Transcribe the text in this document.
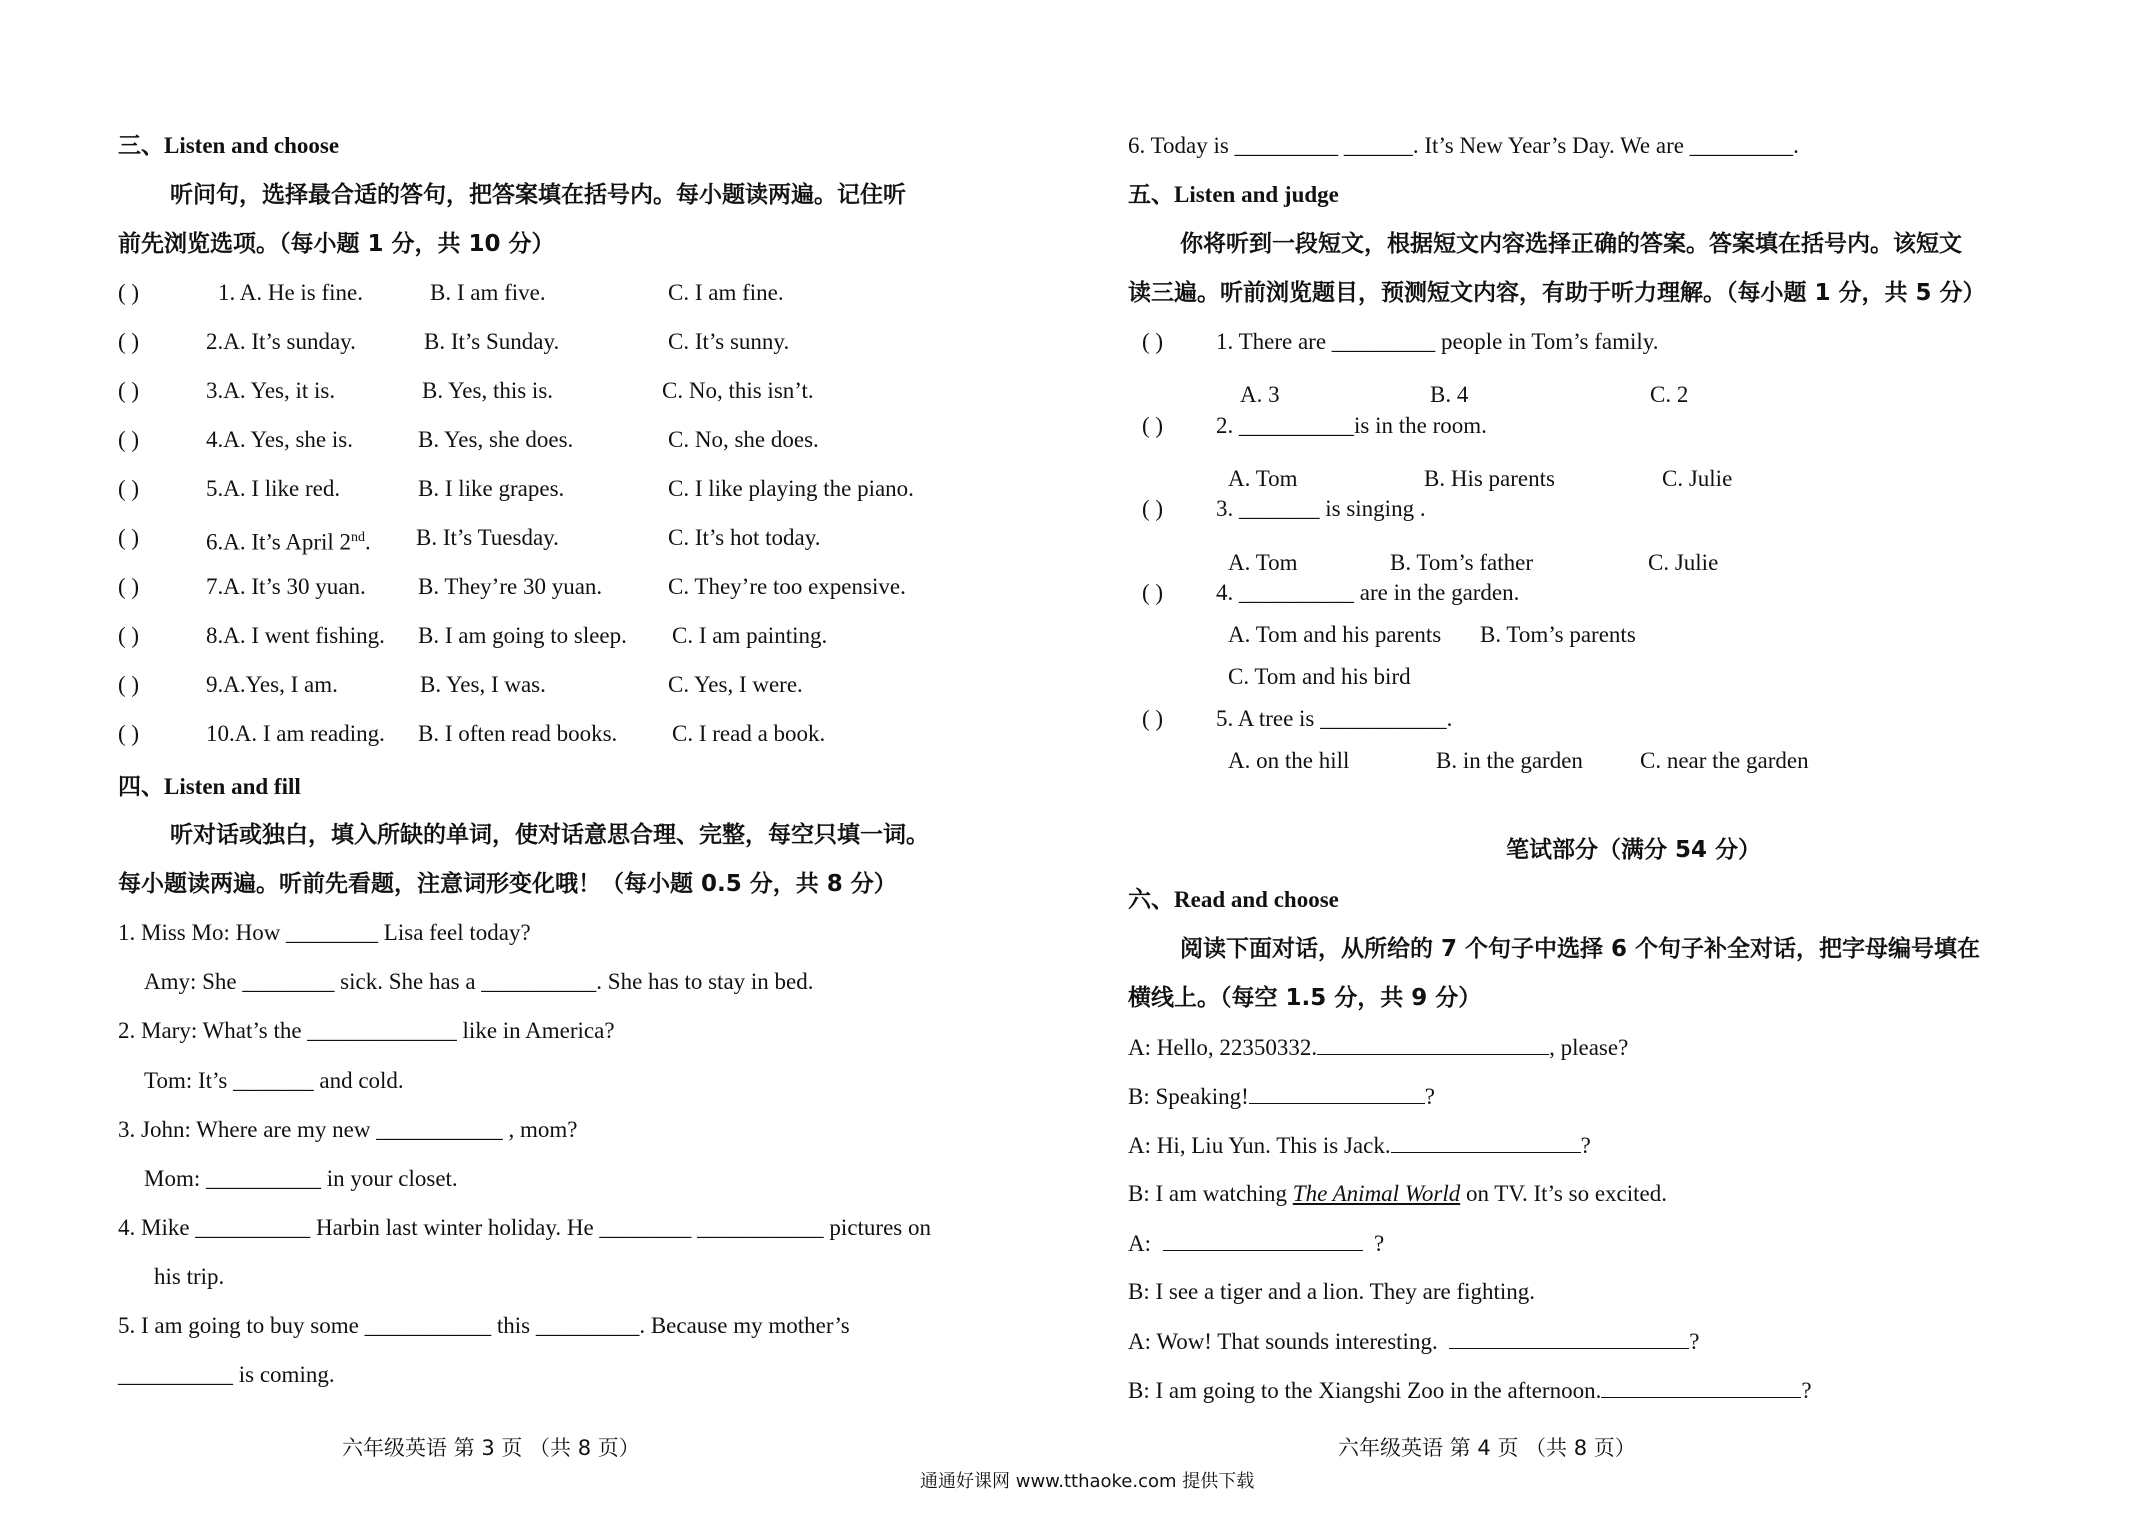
三、Listen and choose
听问句，选择最合适的答句，把答案填在括号内。每小题读两遍。记住听
前先浏览选项。（每小题 1 分，共 10 分）
( )	1. A. He is fine.	B. I am five.	C. I am fine.
( )	2.A. It’s sunday.	B. It’s Sunday.	C. It’s sunny.
( )	3.A. Yes, it is.	B. Yes, this is.	C. No, this isn’t.
( )	4.A. Yes, she is.	B. Yes, she does.	C. No, she does.
( )	5.A. I like red.	B. I like grapes.	C. I like playing the piano.
( )	6.A. It’s April 2nd. B. It’s Tuesday.	C. It’s hot today.
( )	7.A. It’s 30 yuan. B. They’re 30 yuan.	C. They’re too expensive.
( )	8.A. I went fishing. B. I am going to sleep. C. I am painting.
( )	9.A.Yes, I am.	B. Yes, I was.	C. Yes, I were.
( )	10.A. I am reading. B. I often read books. C. I read a book.
四、Listen and fill
听对话或独白，填入所缺的单词，使对话意思合理、完整，每空只填一词。
每小题读两遍。听前先看题，注意词形变化哦！（每小题 0.5 分，共 8 分）
1. Miss Mo: How ________ Lisa feel today?
Amy: She ________ sick. She has a __________. She has to stay in bed.
2. Mary: What’s the _____________ like in America?
Tom: It’s _______ and cold.
3. John: Where are my new ___________ , mom?
Mom: __________ in your closet.
4. Mike __________ Harbin last winter holiday. He ________ ___________ pictures on
his trip.
5. I am going to buy some ___________ this _________. Because my mother’s
__________ is coming.
六年级英语 第 3 页 （共 8 页）
6. Today is _________ ______. It’s New Year’s Day. We are _________.
五、Listen and judge
你将听到一段短文，根据短文内容选择正确的答案。答案填在括号内。该短文
读三遍。听前浏览题目，预测短文内容，有助于听力理解。（每小题 1 分，共 5 分）
( ) 1. There are _________ people in Tom’s family.
A. 3	B. 4	C. 2
( ) 2. __________is in the room.
A. Tom	B. His parents	C. Julie
( ) 3. _______ is singing .
A. Tom	B. Tom’s father	C. Julie
( ) 4. __________ are in the garden.
A. Tom and his parents B. Tom’s parents
C. Tom and his bird
( ) 5. A tree is ___________.
A. on the hill	B. in the garden C. near the garden
笔试部分（满分 54 分）
六、Read and choose
阅读下面对话，从所给的 7 个句子中选择 6 个句子补全对话，把字母编号填在
横线上。（每空 1.5 分，共 9 分）
A: Hello, 22350332.	, please?
B: Speaking!	?
A: Hi, Liu Yun. This is Jack.	?
B: I am watching The Animal World on TV. It’s so excited.
A:	?
B: I see a tiger and a lion. They are fighting.
A: Wow! That sounds interesting.	?
B: I am going to the Xiangshi Zoo in the afternoon.	?
六年级英语 第 4 页 （共 8 页）
通通好课网 www.tthaoke.com 提供下载
